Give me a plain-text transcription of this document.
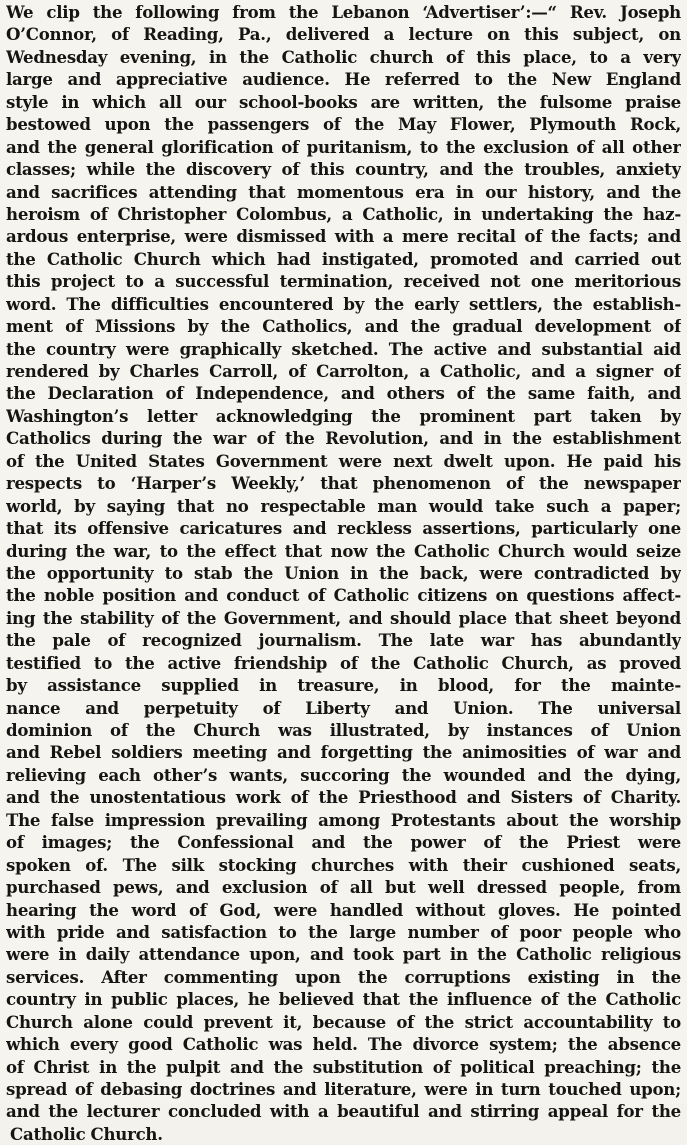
We clip the following from the Lebanon ‘Advertiser’:—“ Rev. Joseph
O’Connor, of Reading, Pa., delivered a lecture on this subject, on
Wednesday evening, in the Catholic church of this place, to a very
large and appreciative audience. He referred to the New England
style in which all our school-books are written, the fulsome praise
bestowed upon the passengers of the May Flower, Plymouth Rock,
and the general glorification of puritanism, to the exclusion of all other
classes; while the discovery of this country, and the troubles, anxiety
and sacrifices attending that momentous era in our history, and the
heroism of Christopher Colombus, a Catholic, in undertaking the haz-
ardous enterprise, were dismissed with a mere recital of the facts; and
the Catholic Church which had instigated, promoted and carried out
this project to a successful termination, received not one meritorious
word. The difficulties encountered by the early settlers, the establish-
ment of Missions by the Catholics, and the gradual development of
the country were graphically sketched. The active and substantial aid
rendered by Charles Carroll, of Carrolton, a Catholic, and a signer of
the Declaration of Independence, and others of the same faith, and
Washington’s letter acknowledging the prominent part taken by
Catholics during the war of the Revolution, and in the establishment
of the United States Government were next dwelt upon. He paid his
respects to ‘Harper’s Weekly,’ that phenomenon of the newspaper
world, by saying that no respectable man would take such a paper;
that its offensive caricatures and reckless assertions, particularly one
during the war, to the effect that now the Catholic Church would seize
the opportunity to stab the Union in the back, were contradicted by
the noble position and conduct of Catholic citizens on questions affect-
ing the stability of the Government, and should place that sheet beyond
the pale of recognized journalism. The late war has abundantly
testified to the active friendship of the Catholic Church, as proved
by assistance supplied in treasure, in blood, for the mainte-
nance and perpetuity of Liberty and Union. The universal
dominion of the Church was illustrated, by instances of Union
and Rebel soldiers meeting and forgetting the animosities of war and
relieving each other’s wants, succoring the wounded and the dying,
and the unostentatious work of the Priesthood and Sisters of Charity.
The false impression prevailing among Protestants about the worship
of images; the Confessional and the power of the Priest were
spoken of. The silk stocking churches with their cushioned seats,
purchased pews, and exclusion of all but well dressed people, from
hearing the word of God, were handled without gloves. He pointed
with pride and satisfaction to the large number of poor people who
were in daily attendance upon, and took part in the Catholic religious
services. After commenting upon the corruptions existing in the
country in public places, he believed that the influence of the Catholic
Church alone could prevent it, because of the strict accountability to
which every good Catholic was held. The divorce system; the absence
of Christ in the pulpit and the substitution of political preaching; the
spread of debasing doctrines and literature, were in turn touched upon;
and the lecturer concluded with a beautiful and stirring appeal for the
Catholic Church.
